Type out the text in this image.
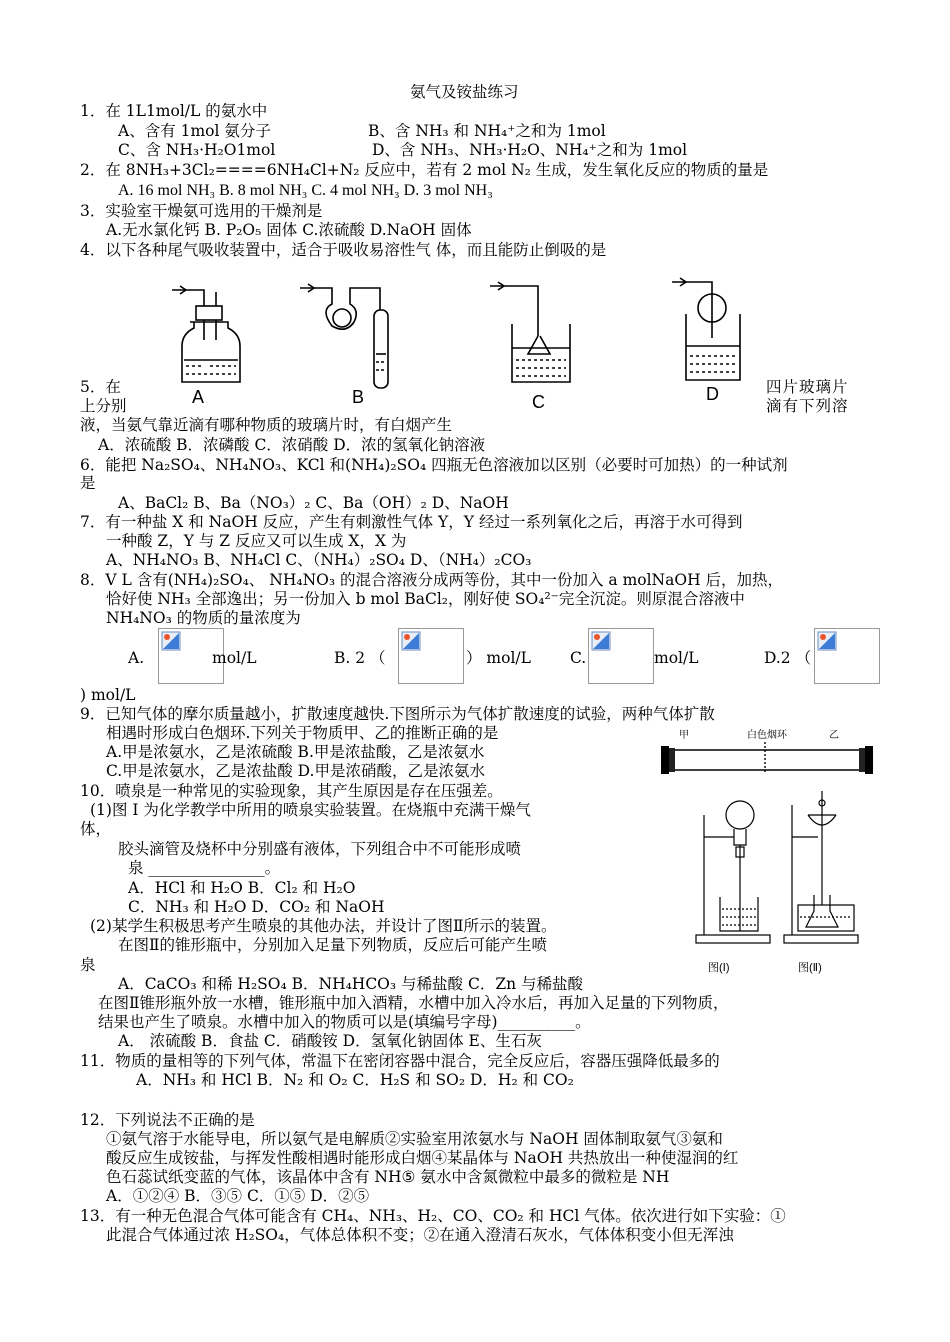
氨气及铵盐练习
1．在 1L1mol/L 的氨水中
A、含有 1mol 氨分子	B、含 NH₃ 和 NH₄⁺之和为 1mol
C、含 NH₃·H₂O1mol	D、含 NH₃、NH₃·H₂O、NH₄⁺之和为 1mol
2．在 8NH₃+3Cl₂====6NH₄Cl+N₂ 反应中，若有 2 mol N₂ 生成，发生氧化反应的物质的量是
A. 16 mol NH₃ B. 8 mol NH₃ C. 4 mol NH₃ D. 3 mol NH₃
3．实验室干燥氨可选用的干燥剂是
A.无水氯化钙 B. P₂O₅ 固体 C.浓硫酸 D.NaOH 固体
4．以下各种尾气吸收装置中，适合于吸收易溶性气 体，而且能防止倒吸的是
A	B	C	D
5．在
上分别
四片玻璃片
滴有下列溶
液，当氨气靠近滴有哪种物质的玻璃片时，有白烟产生
A．浓硫酸 B．浓磷酸 C．浓硝酸 D．浓的氢氧化钠溶液
6．能把 Na₂SO₄、NH₄NO₃、KCl 和(NH₄)₂SO₄ 四瓶无色溶液加以区别（必要时可加热）的一种试剂
是
A、BaCl₂ B、Ba（NO₃）₂ C、Ba（OH）₂ D、NaOH
7．有一种盐 X 和 NaOH 反应，产生有刺激性气体 Y，Y 经过一系列氧化之后，再溶于水可得到
一种酸 Z，Y 与 Z 反应又可以生成 X，X 为
A、NH₄NO₃ B、NH₄Cl C、（NH₄）₂SO₄ D、（NH₄）₂CO₃
8．V L 含有(NH₄)₂SO₄、 NH₄NO₃ 的混合溶液分成两等份，其中一份加入 a molNaOH 后，加热，
恰好使 NH₃ 全部逸出；另一份加入 b mol BaCl₂，刚好使 SO₄²⁻完全沉淀。则原混合溶液中
NH₄NO₃ 的物质的量浓度为
A.	mol/L	B. 2 （	） mol/L	C.	mol/L	D.2 （
) mol/L
9．已知气体的摩尔质量越小，扩散速度越快.下图所示为气体扩散速度的试验，两种气体扩散
相遇时形成白色烟环.下列关于物质甲、乙的推断正确的是
A.甲是浓氨水，乙是浓硫酸 B.甲是浓盐酸，乙是浓氨水
C.甲是浓氨水，乙是浓盐酸 D.甲是浓硝酸，乙是浓氨水
甲	白色烟环	乙
10．喷泉是一种常见的实验现象，其产生原因是存在压强差。
(1)图 I 为化学教学中所用的喷泉实验装置。在烧瓶中充满干燥气
体，
胶头滴管及烧杯中分别盛有液体，下列组合中不可能形成喷
泉 _______________。
A．HCl 和 H₂O B．Cl₂ 和 H₂O
C．NH₃ 和 H₂O D．CO₂ 和 NaOH
(2)某学生积极思考产生喷泉的其他办法，并设计了图Ⅱ所示的装置。
在图Ⅱ的锥形瓶中，分别加入足量下列物质，反应后可能产生喷
泉
A．CaCO₃ 和稀 H₂SO₄ B．NH₄HCO₃ 与稀盐酸 C．Zn 与稀盐酸
在图Ⅱ锥形瓶外放一水槽，锥形瓶中加入酒精，水槽中加入冷水后，再加入足量的下列物质，
结果也产生了喷泉。水槽中加入的物质可以是(填编号字母)__________。
A． 浓硫酸 B．食盐 C．硝酸铵 D．氢氧化钠固体 E、生石灰
图(Ⅰ)	图(Ⅱ)
11．物质的量相等的下列气体，常温下在密闭容器中混合，完全反应后，容器压强降低最多的
A．NH₃ 和 HCl B．N₂ 和 O₂ C．H₂S 和 SO₂ D．H₂ 和 CO₂
12．下列说法不正确的是
①氨气溶于水能导电，所以氨气是电解质②实验室用浓氨水与 NaOH 固体制取氨气③氨和
酸反应生成铵盐，与挥发性酸相遇时能形成白烟④某晶体与 NaOH 共热放出一种使湿润的红
色石蕊试纸变蓝的气体，该晶体中含有 NH⑤ 氨水中含氮微粒中最多的微粒是 NH
A．①②④ B．③⑤ C．①⑤ D．②⑤
13．有一种无色混合气体可能含有 CH₄、NH₃、H₂、CO、CO₂ 和 HCl 气体。依次进行如下实验：①
此混合气体通过浓 H₂SO₄，气体总体积不变；②在通入澄清石灰水，气体体积变小但无浑浊
